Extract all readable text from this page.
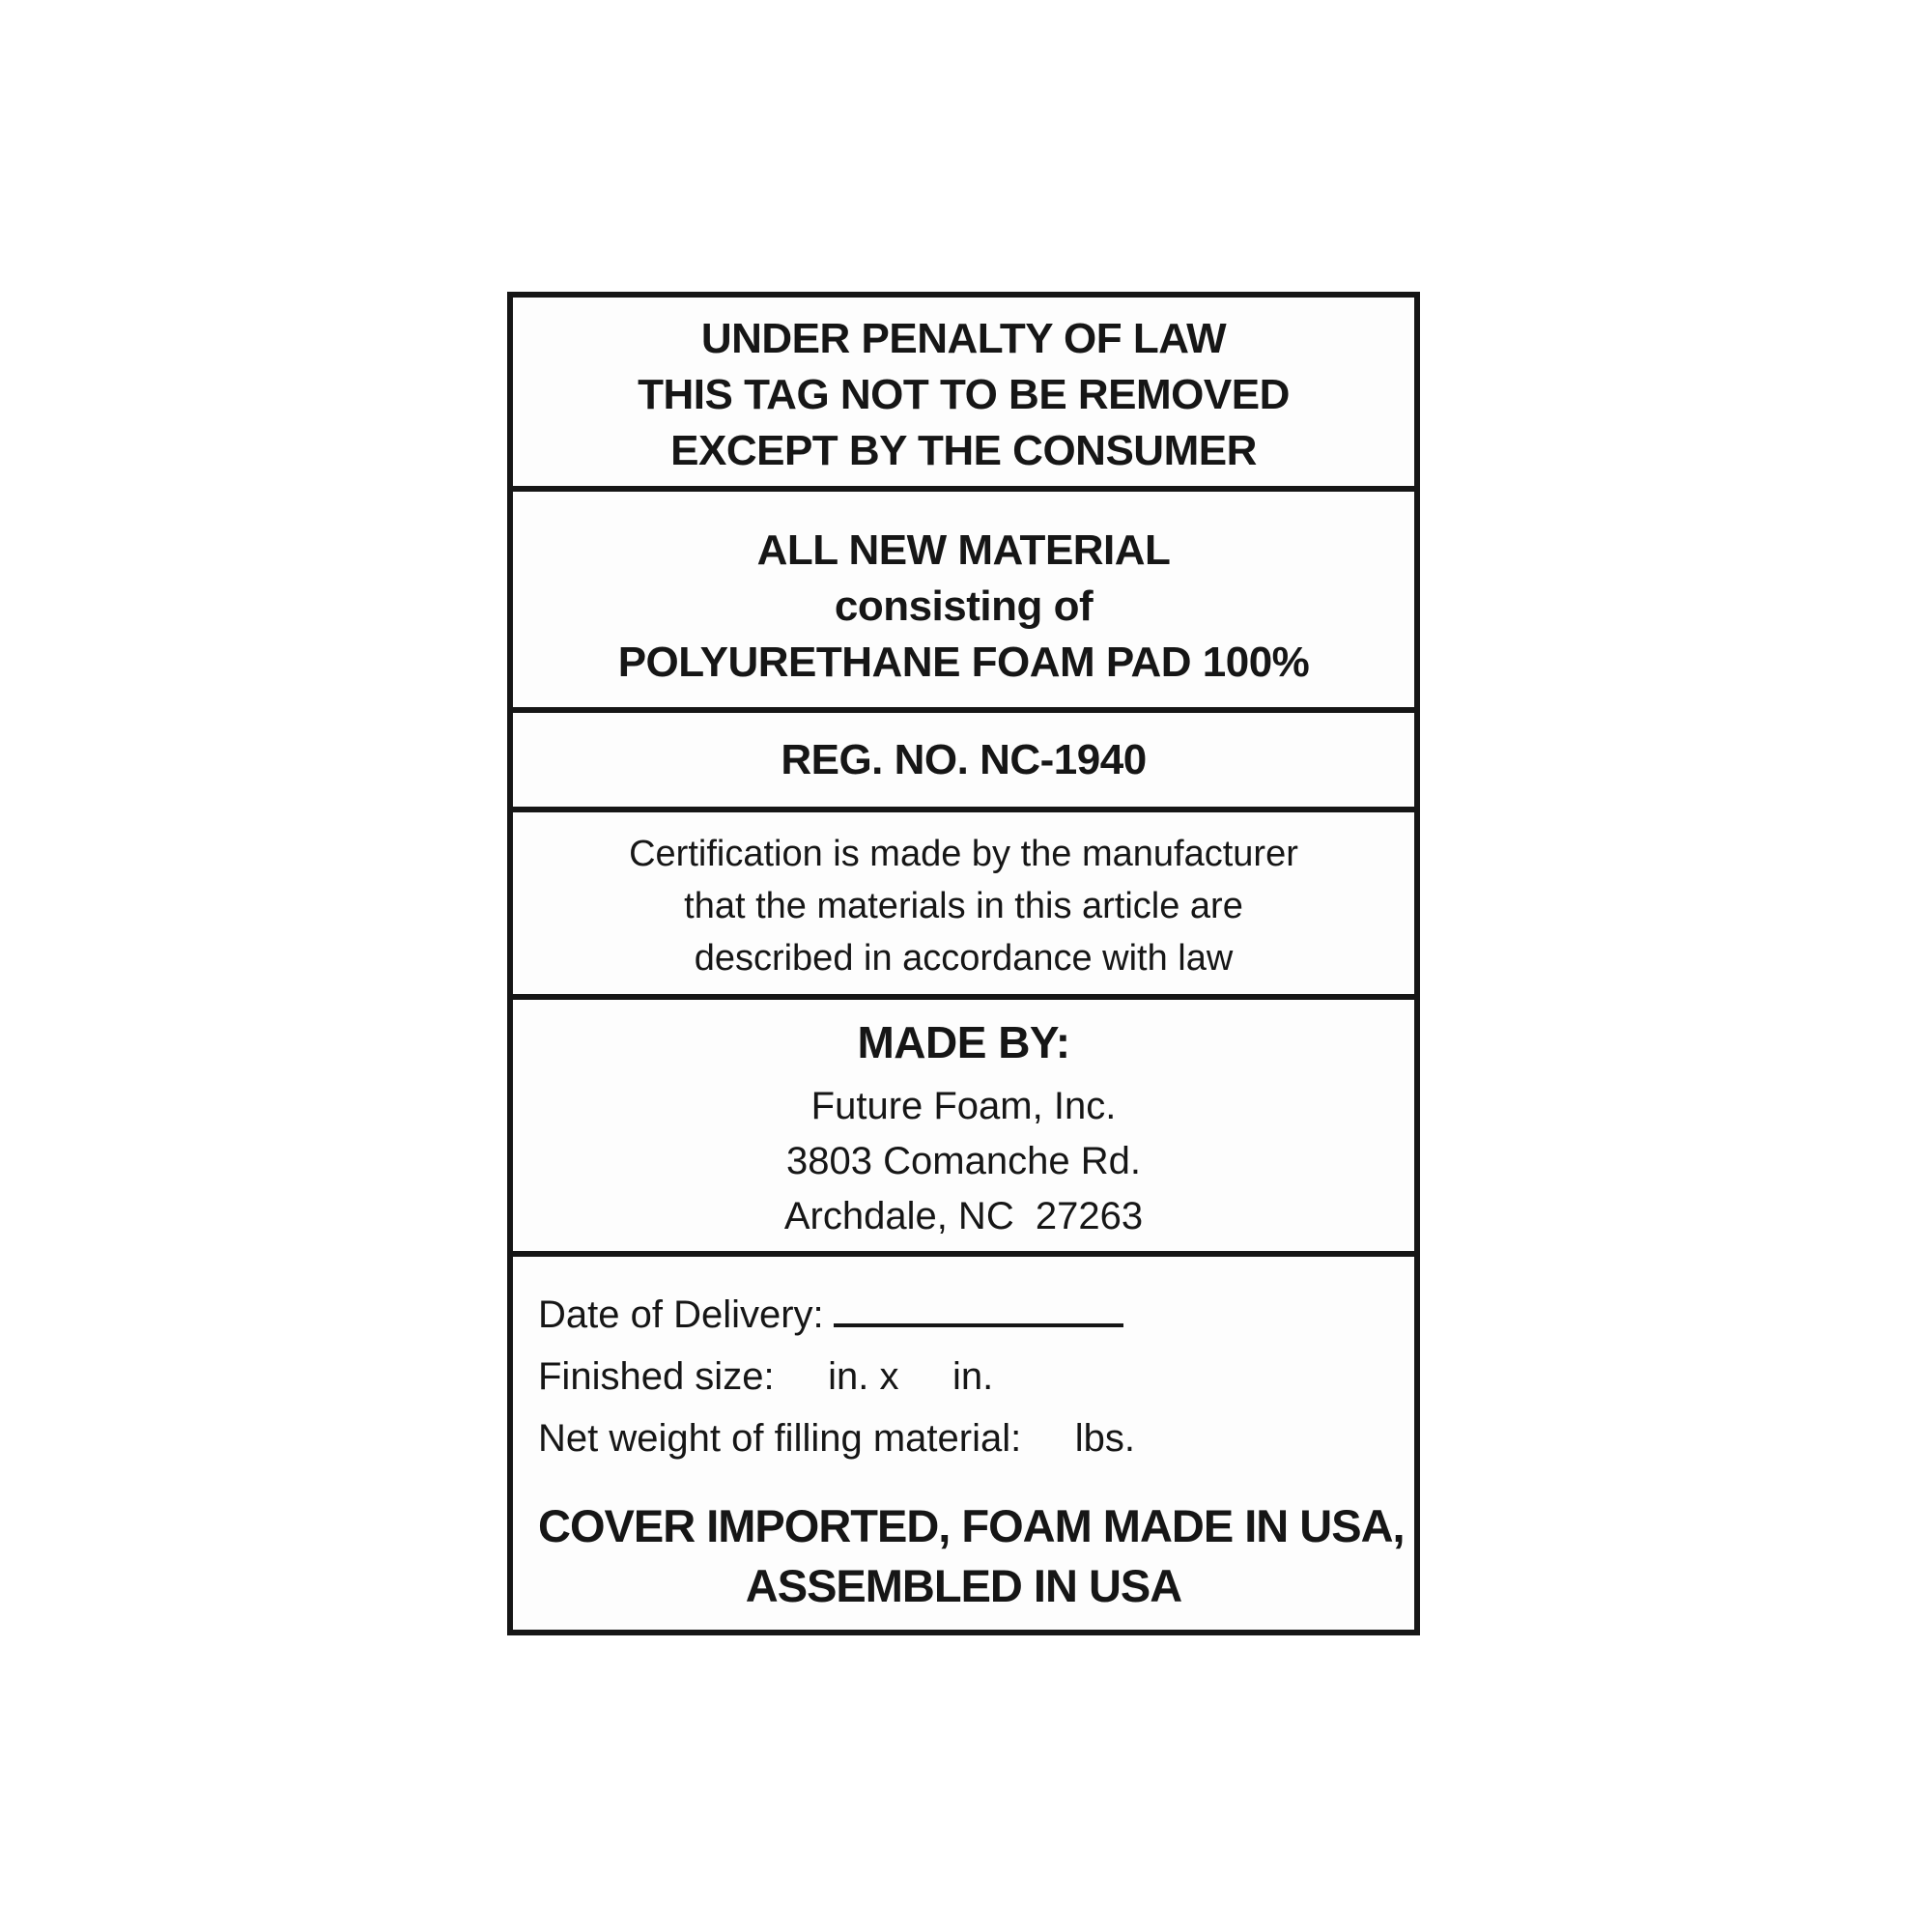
UNDER PENALTY OF LAW
THIS TAG NOT TO BE REMOVED
EXCEPT BY THE CONSUMER
ALL NEW MATERIAL
consisting of
POLYURETHANE FOAM PAD 100%
REG. NO. NC-1940
Certification is made by the manufacturer
that the materials in this article are
described in accordance with law
MADE BY:
Future Foam, Inc.
3803 Comanche Rd.
Archdale, NC  27263
Date of Delivery:
Finished size:     in. x     in.
Net weight of filling material:     lbs.
COVER IMPORTED, FOAM MADE IN USA,
ASSEMBLED IN USA
